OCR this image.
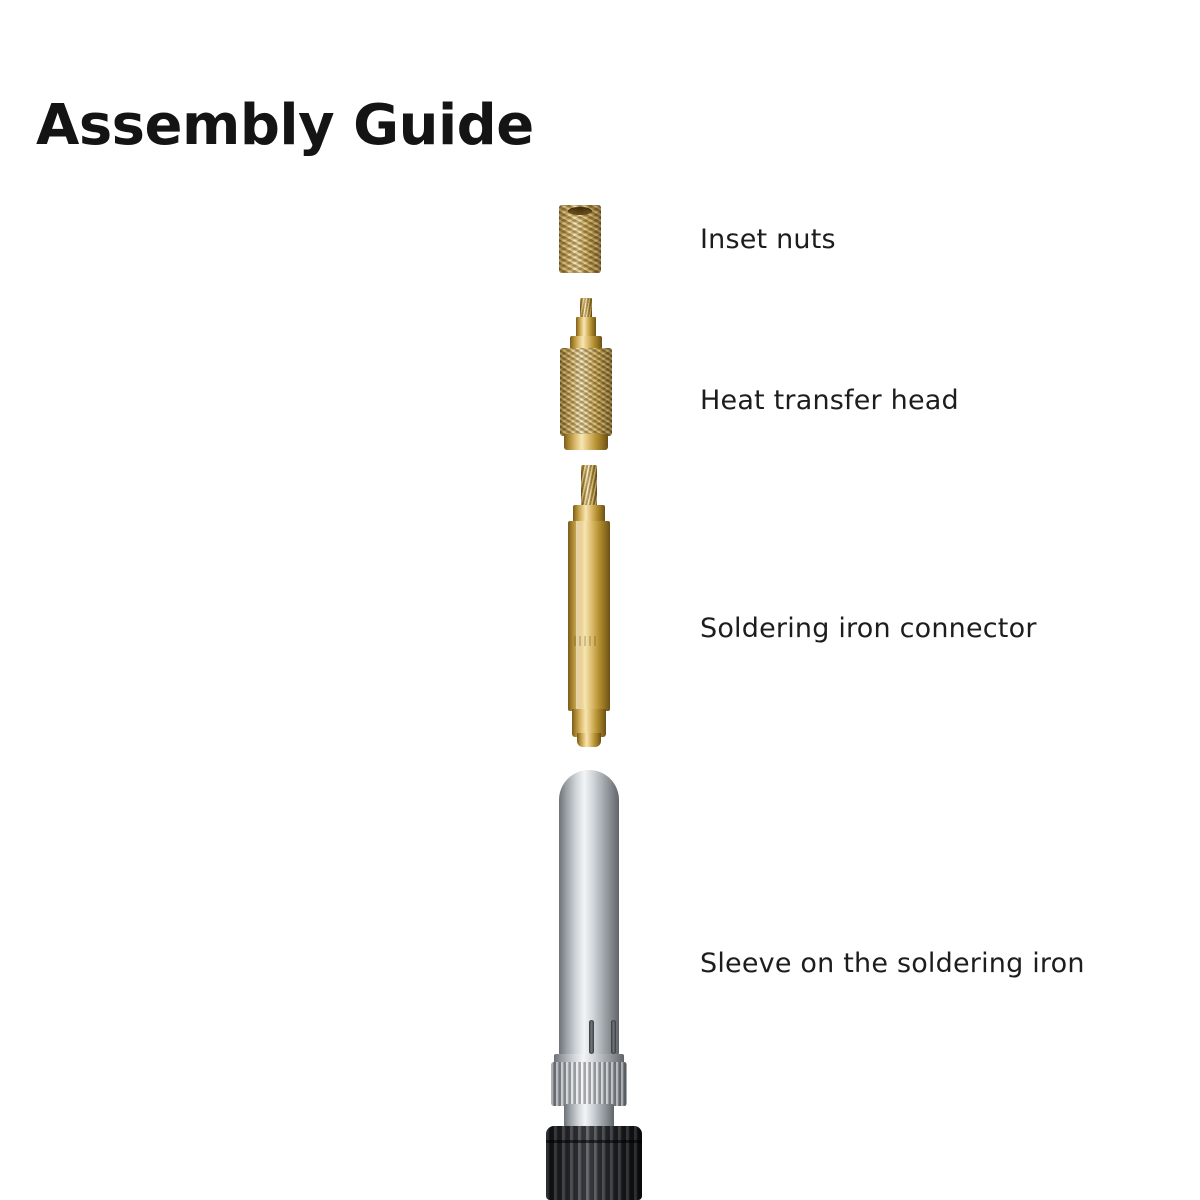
Assembly Guide
Inset nuts
Heat transfer head
Soldering iron connector
Sleeve on the soldering iron
